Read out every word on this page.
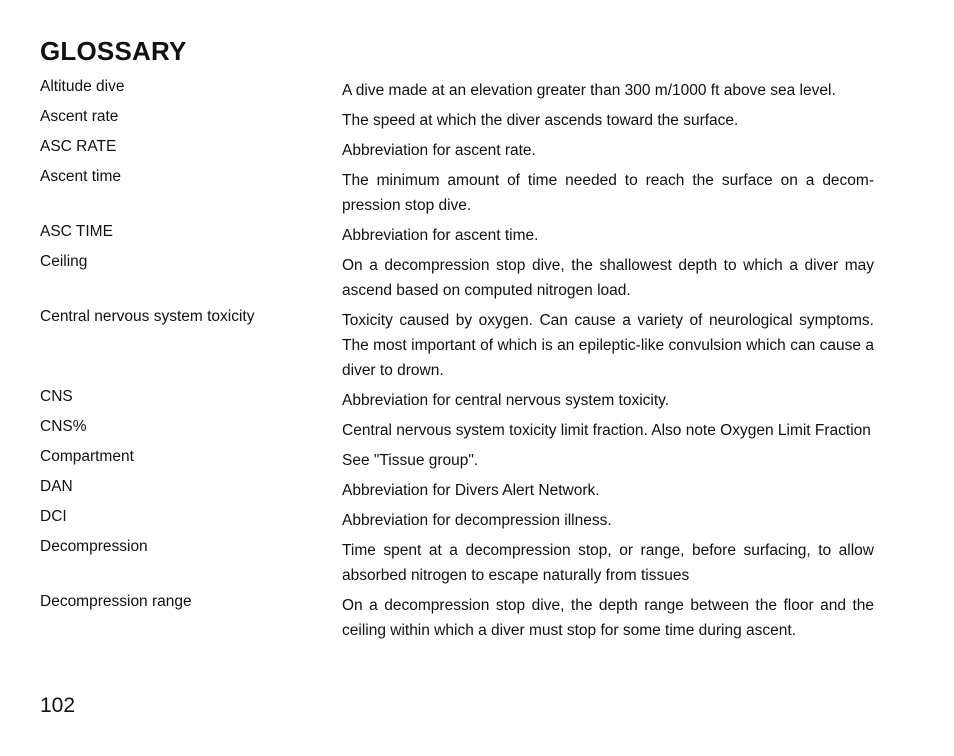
GLOSSARY
Altitude dive	A dive made at an elevation greater than 300 m/1000 ft above sea level.
Ascent rate	The speed at which the diver ascends toward the surface.
ASC RATE	Abbreviation for ascent rate.
Ascent time	The minimum amount of time needed to reach the surface on a decom-pression stop dive.
ASC TIME	Abbreviation for ascent time.
Ceiling	On a decompression stop dive, the shallowest depth to which a diver may ascend based on computed nitrogen load.
Central nervous system toxicity	Toxicity caused by oxygen. Can cause a variety of neurological symptoms. The most important of which is an epileptic-like convulsion which can cause a diver to drown.
CNS	Abbreviation for central nervous system toxicity.
CNS%	Central nervous system toxicity limit fraction. Also note Oxygen Limit Fraction
Compartment	See "Tissue group".
DAN	Abbreviation for Divers Alert Network.
DCI	Abbreviation for decompression illness.
Decompression	Time spent at a decompression stop, or range, before surfacing, to allow absorbed nitrogen to escape naturally from tissues
Decompression range	On a decompression stop dive, the depth range between the floor and the ceiling within which a diver must stop for some time during ascent.
102
